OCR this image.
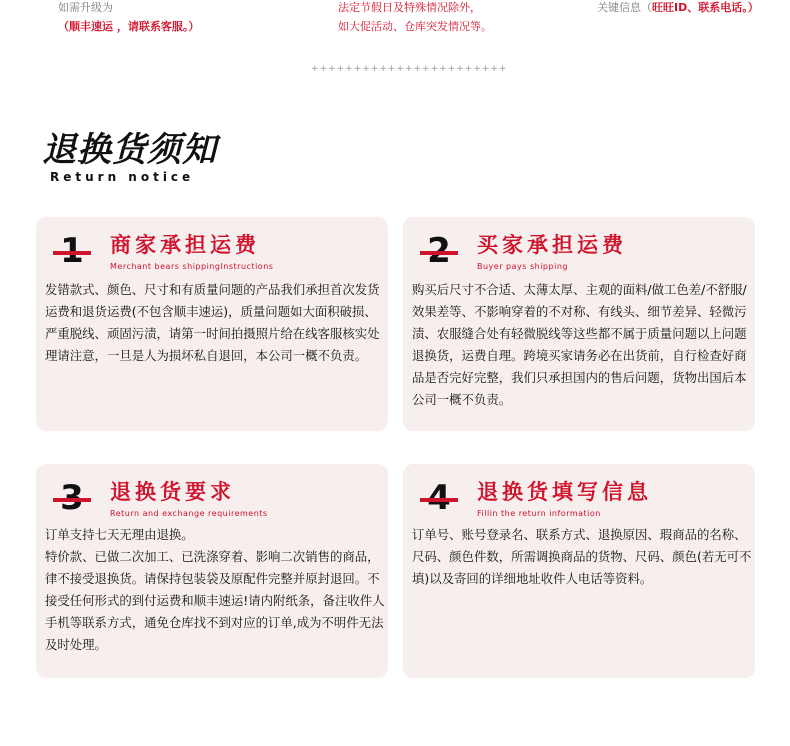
如需升级为
（顺丰速运 ，请联系客服。）
法定节假日及特殊情况除外，
如大促活动、仓库突发情况等。
关键信息（旺旺ID、联系电话。）
+++++++++++++++++++++++
退换货须知
Return notice
商家承担运费
Merchant bears shippingInstructions
发错款式、颜色、尺寸和有质量问题的产品我们承担首次发货运费和退货运费(不包含顺丰速运)，质量问题如大面积破损、严重脱线、顽固污渍，请第一时间拍摄照片给在线客服核实处理请注意，一旦是人为损坏私自退回，本公司一概不负责。
买家承担运费
Buyer pays shipping
购买后尺寸不合适、太薄太厚、主观的面料/做工色差/不舒服/效果差等、不影响穿着的不对称、有线头、细节差异、轻微污渍、农服缝合处有轻微脱线等这些都不属于质量问题以上问题退换货，运费自理。跨境买家请务必在出货前，自行检查好商品是否完好完整，我们只承担国内的售后问题，货物出国后本公司一概不负责。
退换货要求
Return and exchange requirements
订单支持七天无理由退换。
特价款、已做二次加工、已洗涤穿着、影响二次销售的商品，律不接受退换货。请保持包装袋及原配件完整并原封退回。不接受任何形式的到付运费和顺丰速运!请内附纸条，备注收件人手机等联系方式，通免仓库找不到对应的订单,成为不明件无法及时处理。
退换货填写信息
Fillin the return information
订单号、账号登录名、联系方式、退换原因、瑕商品的名称、尺码、颜色件数，所需调换商品的货物、尺码、颜色(若无可不填)以及寄回的详细地址收件人电话等资料。
